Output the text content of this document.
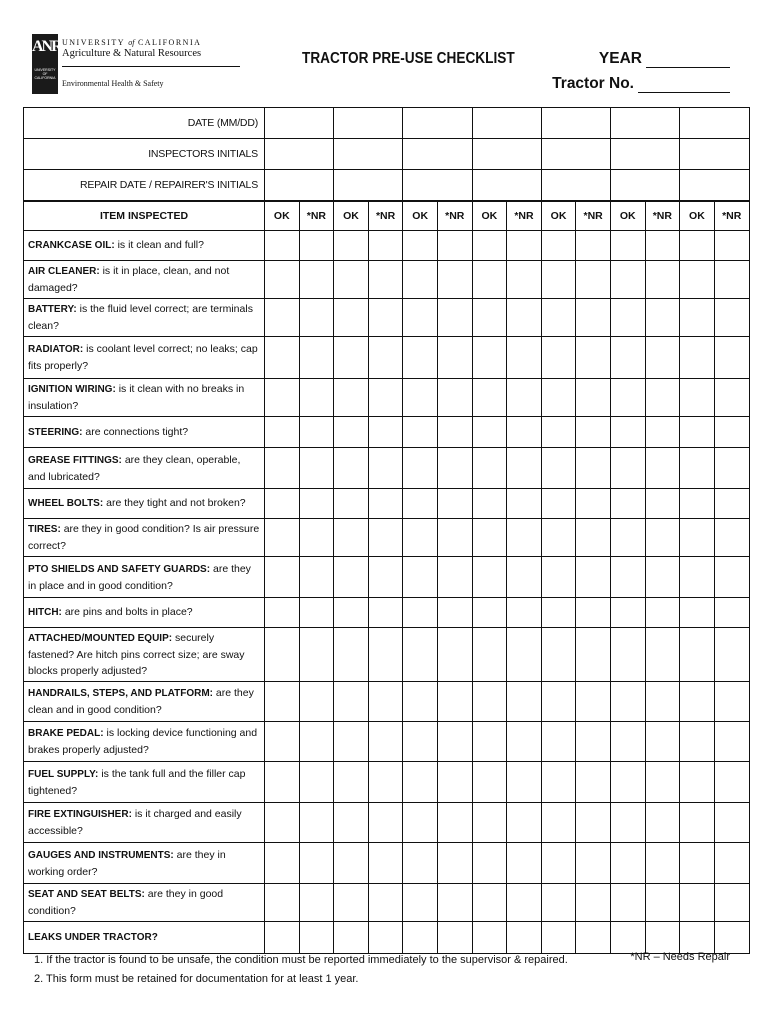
ANR
UNIVERSITY OF CALIFORNIA
UNIVERSITY of CALIFORNIA
Agriculture & Natural Resources
Environmental Health & Safety
TRACTOR PRE-USE CHECKLIST	YEAR
Tractor No.
DATE (MM/DD)														
INSPECTORS INITIALS														
REPAIR DATE / REPAIRER'S INITIALS														
ITEM INSPECTED	OK	*NR	OK	*NR	OK	*NR	OK	*NR	OK	*NR	OK	*NR	OK	*NR
CRANKCASE OIL: is it clean and full?														
AIR CLEANER: is it in place, clean, and not damaged?														
BATTERY: is the fluid level correct; are terminals clean?														
RADIATOR: is coolant level correct; no leaks; cap fits properly?														
IGNITION WIRING: is it clean with no breaks in insulation?														
STEERING: are connections tight?														
GREASE FITTINGS: are they clean, operable, and lubricated?														
WHEEL BOLTS: are they tight and not broken?														
TIRES: are they in good condition? Is air pressure correct?														
PTO SHIELDS AND SAFETY GUARDS: are they in place and in good condition?														
HITCH: are pins and bolts in place?														
ATTACHED/MOUNTED EQUIP: securely fastened? Are hitch pins correct size; are sway blocks properly adjusted?														
HANDRAILS, STEPS, AND PLATFORM: are they clean and in good condition?														
BRAKE PEDAL: is locking device functioning and brakes properly adjusted?														
FUEL SUPPLY: is the tank full and the filler cap tightened?														
FIRE EXTINGUISHER: is it charged and easily accessible?														
GAUGES AND INSTRUMENTS: are they in working order?														
SEAT AND SEAT BELTS: are they in good condition?														
LEAKS UNDER TRACTOR?														
1. If the tractor is found to be unsafe, the condition must be reported immediately to the supervisor & repaired.
2. This form must be retained for documentation for at least 1 year.
*NR – Needs Repair
